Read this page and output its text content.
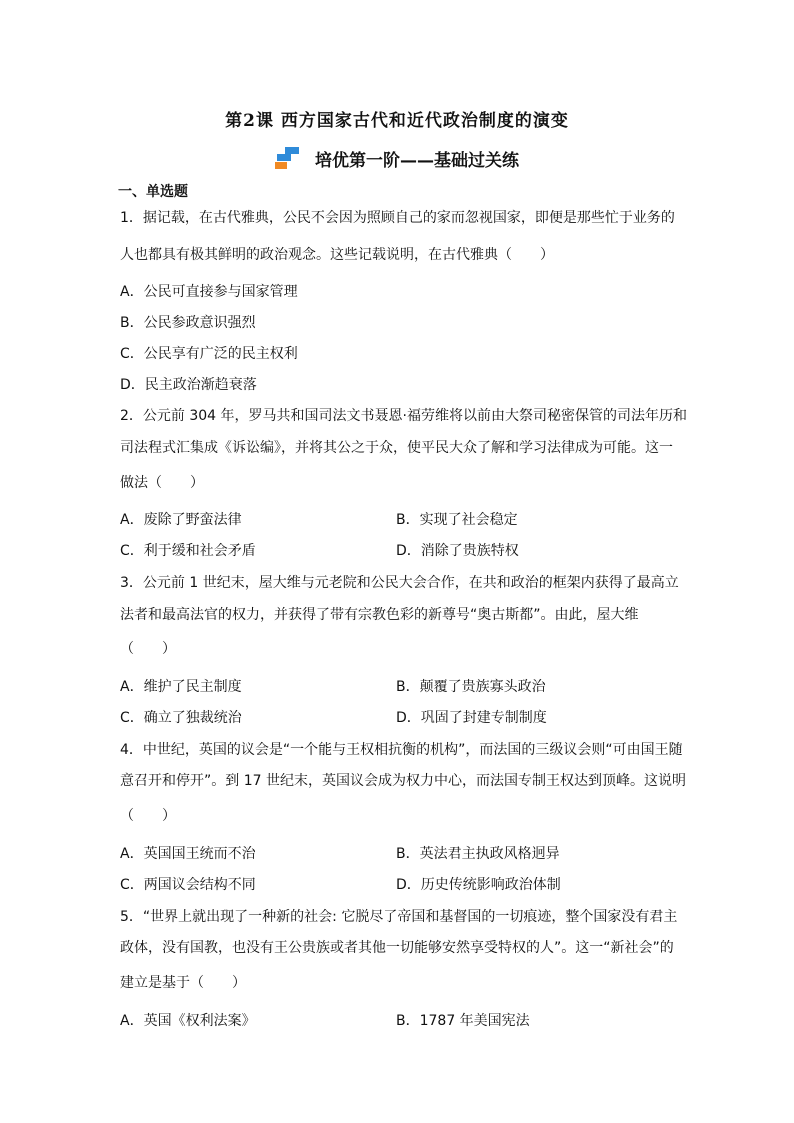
第2课 西方国家古代和近代政治制度的演变
培优第一阶——基础过关练
一、单选题
1．据记载，在古代雅典，公民不会因为照顾自己的家而忽视国家，即便是那些忙于业务的
人也都具有极其鲜明的政治观念。这些记载说明，在古代雅典（　　）
A．公民可直接参与国家管理
B．公民参政意识强烈
C．公民享有广泛的民主权利
D．民主政治渐趋衰落
2．公元前 304 年，罗马共和国司法文书聂恩·福劳维将以前由大祭司秘密保管的司法年历和
司法程式汇集成《诉讼编》，并将其公之于众，使平民大众了解和学习法律成为可能。这一
做法（　　）
A．废除了野蛮法律	B．实现了社会稳定
C．利于缓和社会矛盾	D．消除了贵族特权
3．公元前 1 世纪末，屋大维与元老院和公民大会合作，在共和政治的框架内获得了最高立
法者和最高法官的权力，并获得了带有宗教色彩的新尊号“奥古斯都”。由此，屋大维
（　　）
A．维护了民主制度	B．颠覆了贵族寡头政治
C．确立了独裁统治	D．巩固了封建专制制度
4．中世纪，英国的议会是“一个能与王权相抗衡的机构”，而法国的三级议会则“可由国王随
意召开和停开”。到 17 世纪末，英国议会成为权力中心，而法国专制王权达到顶峰。这说明
（　　）
A．英国国王统而不治	B．英法君主执政风格迥异
C．两国议会结构不同	D．历史传统影响政治体制
5．“世界上就出现了一种新的社会: 它脱尽了帝国和基督国的一切痕迹，整个国家没有君主
政体，没有国教，也没有王公贵族或者其他一切能够安然享受特权的人”。这一“新社会”的
建立是基于（　　）
A．英国《权利法案》	B．1787 年美国宪法
